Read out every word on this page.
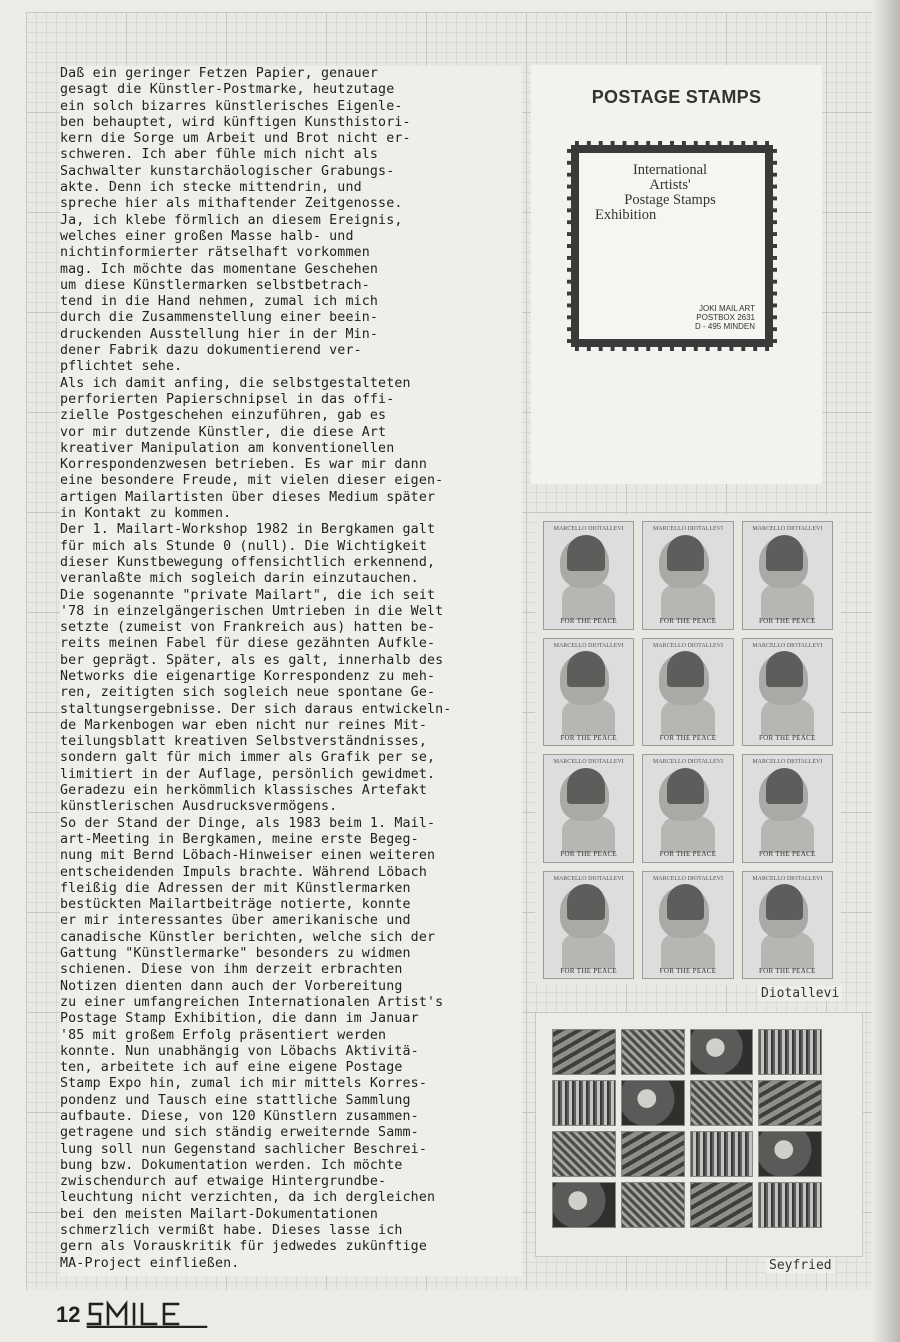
Daß ein geringer Fetzen Papier, genauer
gesagt die Künstler-Postmarke, heutzutage
ein solch bizarres künstlerisches Eigenle-
ben behauptet, wird künftigen Kunsthistori-
kern die Sorge um Arbeit und Brot nicht er-
schweren. Ich aber fühle mich nicht als
Sachwalter kunstarchäologischer Grabungs-
akte. Denn ich stecke mittendrin, und
spreche hier als mithaftender Zeitgenosse.
Ja, ich klebe förmlich an diesem Ereignis,
welches einer großen Masse halb- und
nichtinformierter rätselhaft vorkommen
mag. Ich möchte das momentane Geschehen
um diese Künstlermarken selbstbetrach-
tend in die Hand nehmen, zumal ich mich
durch die Zusammenstellung einer beein-
druckenden Ausstellung hier in der Min-
dener Fabrik dazu dokumentierend ver-
pflichtet sehe.
Als ich damit anfing, die selbstgestalteten
perforierten Papierschnipsel in das offi-
zielle Postgeschehen einzuführen, gab es
vor mir dutzende Künstler, die diese Art
kreativer Manipulation am konventionellen
Korrespondenzwesen betrieben. Es war mir dann
eine besondere Freude, mit vielen dieser eigen-
artigen Mailartisten über dieses Medium später
in Kontakt zu kommen.
Der 1. Mailart-Workshop 1982 in Bergkamen galt
für mich als Stunde 0 (null). Die Wichtigkeit
dieser Kunstbewegung offensichtlich erkennend,
veranlaßte mich sogleich darin einzutauchen.
Die sogenannte "private Mailart", die ich seit
'78 in einzelgängerischen Umtrieben in die Welt
setzte (zumeist von Frankreich aus) hatten be-
reits meinen Fabel für diese gezähnten Aufkle-
ber geprägt. Später, als es galt, innerhalb des
Networks die eigenartige Korrespondenz zu meh-
ren, zeitigten sich sogleich neue spontane Ge-
staltungsergebnisse. Der sich daraus entwickeln-
de Markenbogen war eben nicht nur reines Mit-
teilungsblatt kreativen Selbstverständnisses,
sondern galt für mich immer als Grafik per se,
limitiert in der Auflage, persönlich gewidmet.
Geradezu ein herkömmlich klassisches Artefakt
künstlerischen Ausdrucksvermögens.
So der Stand der Dinge, als 1983 beim 1. Mail-
art-Meeting in Bergkamen, meine erste Begeg-
nung mit Bernd Löbach-Hinweiser einen weiteren
entscheidenden Impuls brachte. Während Löbach
fleißig die Adressen der mit Künstlermarken
bestückten Mailartbeiträge notierte, konnte
er mir interessantes über amerikanische und
canadische Künstler berichten, welche sich der
Gattung "Künstlermarke" besonders zu widmen
schienen. Diese von ihm derzeit erbrachten
Notizen dienten dann auch der Vorbereitung
zu einer umfangreichen Internationalen Artist's
Postage Stamp Exhibition, die dann im Januar
'85 mit großem Erfolg präsentiert werden
konnte. Nun unabhängig von Löbachs Aktivitä-
ten, arbeitete ich auf eine eigene Postage
Stamp Expo hin, zumal ich mir mittels Korres-
pondenz und Tausch eine stattliche Sammlung
aufbaute. Diese, von 120 Künstlern zusammen-
getragene und sich ständig erweiternde Samm-
lung soll nun Gegenstand sachlicher Beschrei-
bung bzw. Dokumentation werden. Ich möchte
zwischendurch auf etwaige Hintergrundbe-
leuchtung nicht verzichten, da ich dergleichen
bei den meisten Mailart-Dokumentationen
schmerzlich vermißt habe. Dieses lasse ich
gern als Vorauskritik für jedwedes zukünftige
MA-Project einfließen.

POSTAGE STAMPS
International
Artists'
Postage Stamps
Exhibition
JOKI MAIL ART
POSTBOX 2631
D - 495 MINDEN
MARCELLO DIOTALLEVI
FOR THE PEACE
MARCELLO DIOTALLEVI
FOR THE PEACE
MARCELLO DIOTALLEVI
FOR THE PEACE
MARCELLO DIOTALLEVI
FOR THE PEACE
MARCELLO DIOTALLEVI
FOR THE PEACE
MARCELLO DIOTALLEVI
FOR THE PEACE
MARCELLO DIOTALLEVI
FOR THE PEACE
MARCELLO DIOTALLEVI
FOR THE PEACE
MARCELLO DIOTALLEVI
FOR THE PEACE
MARCELLO DIOTALLEVI
FOR THE PEACE
MARCELLO DIOTALLEVI
FOR THE PEACE
MARCELLO DIOTALLEVI
FOR THE PEACE
Diotallevi
Seyfried
12
